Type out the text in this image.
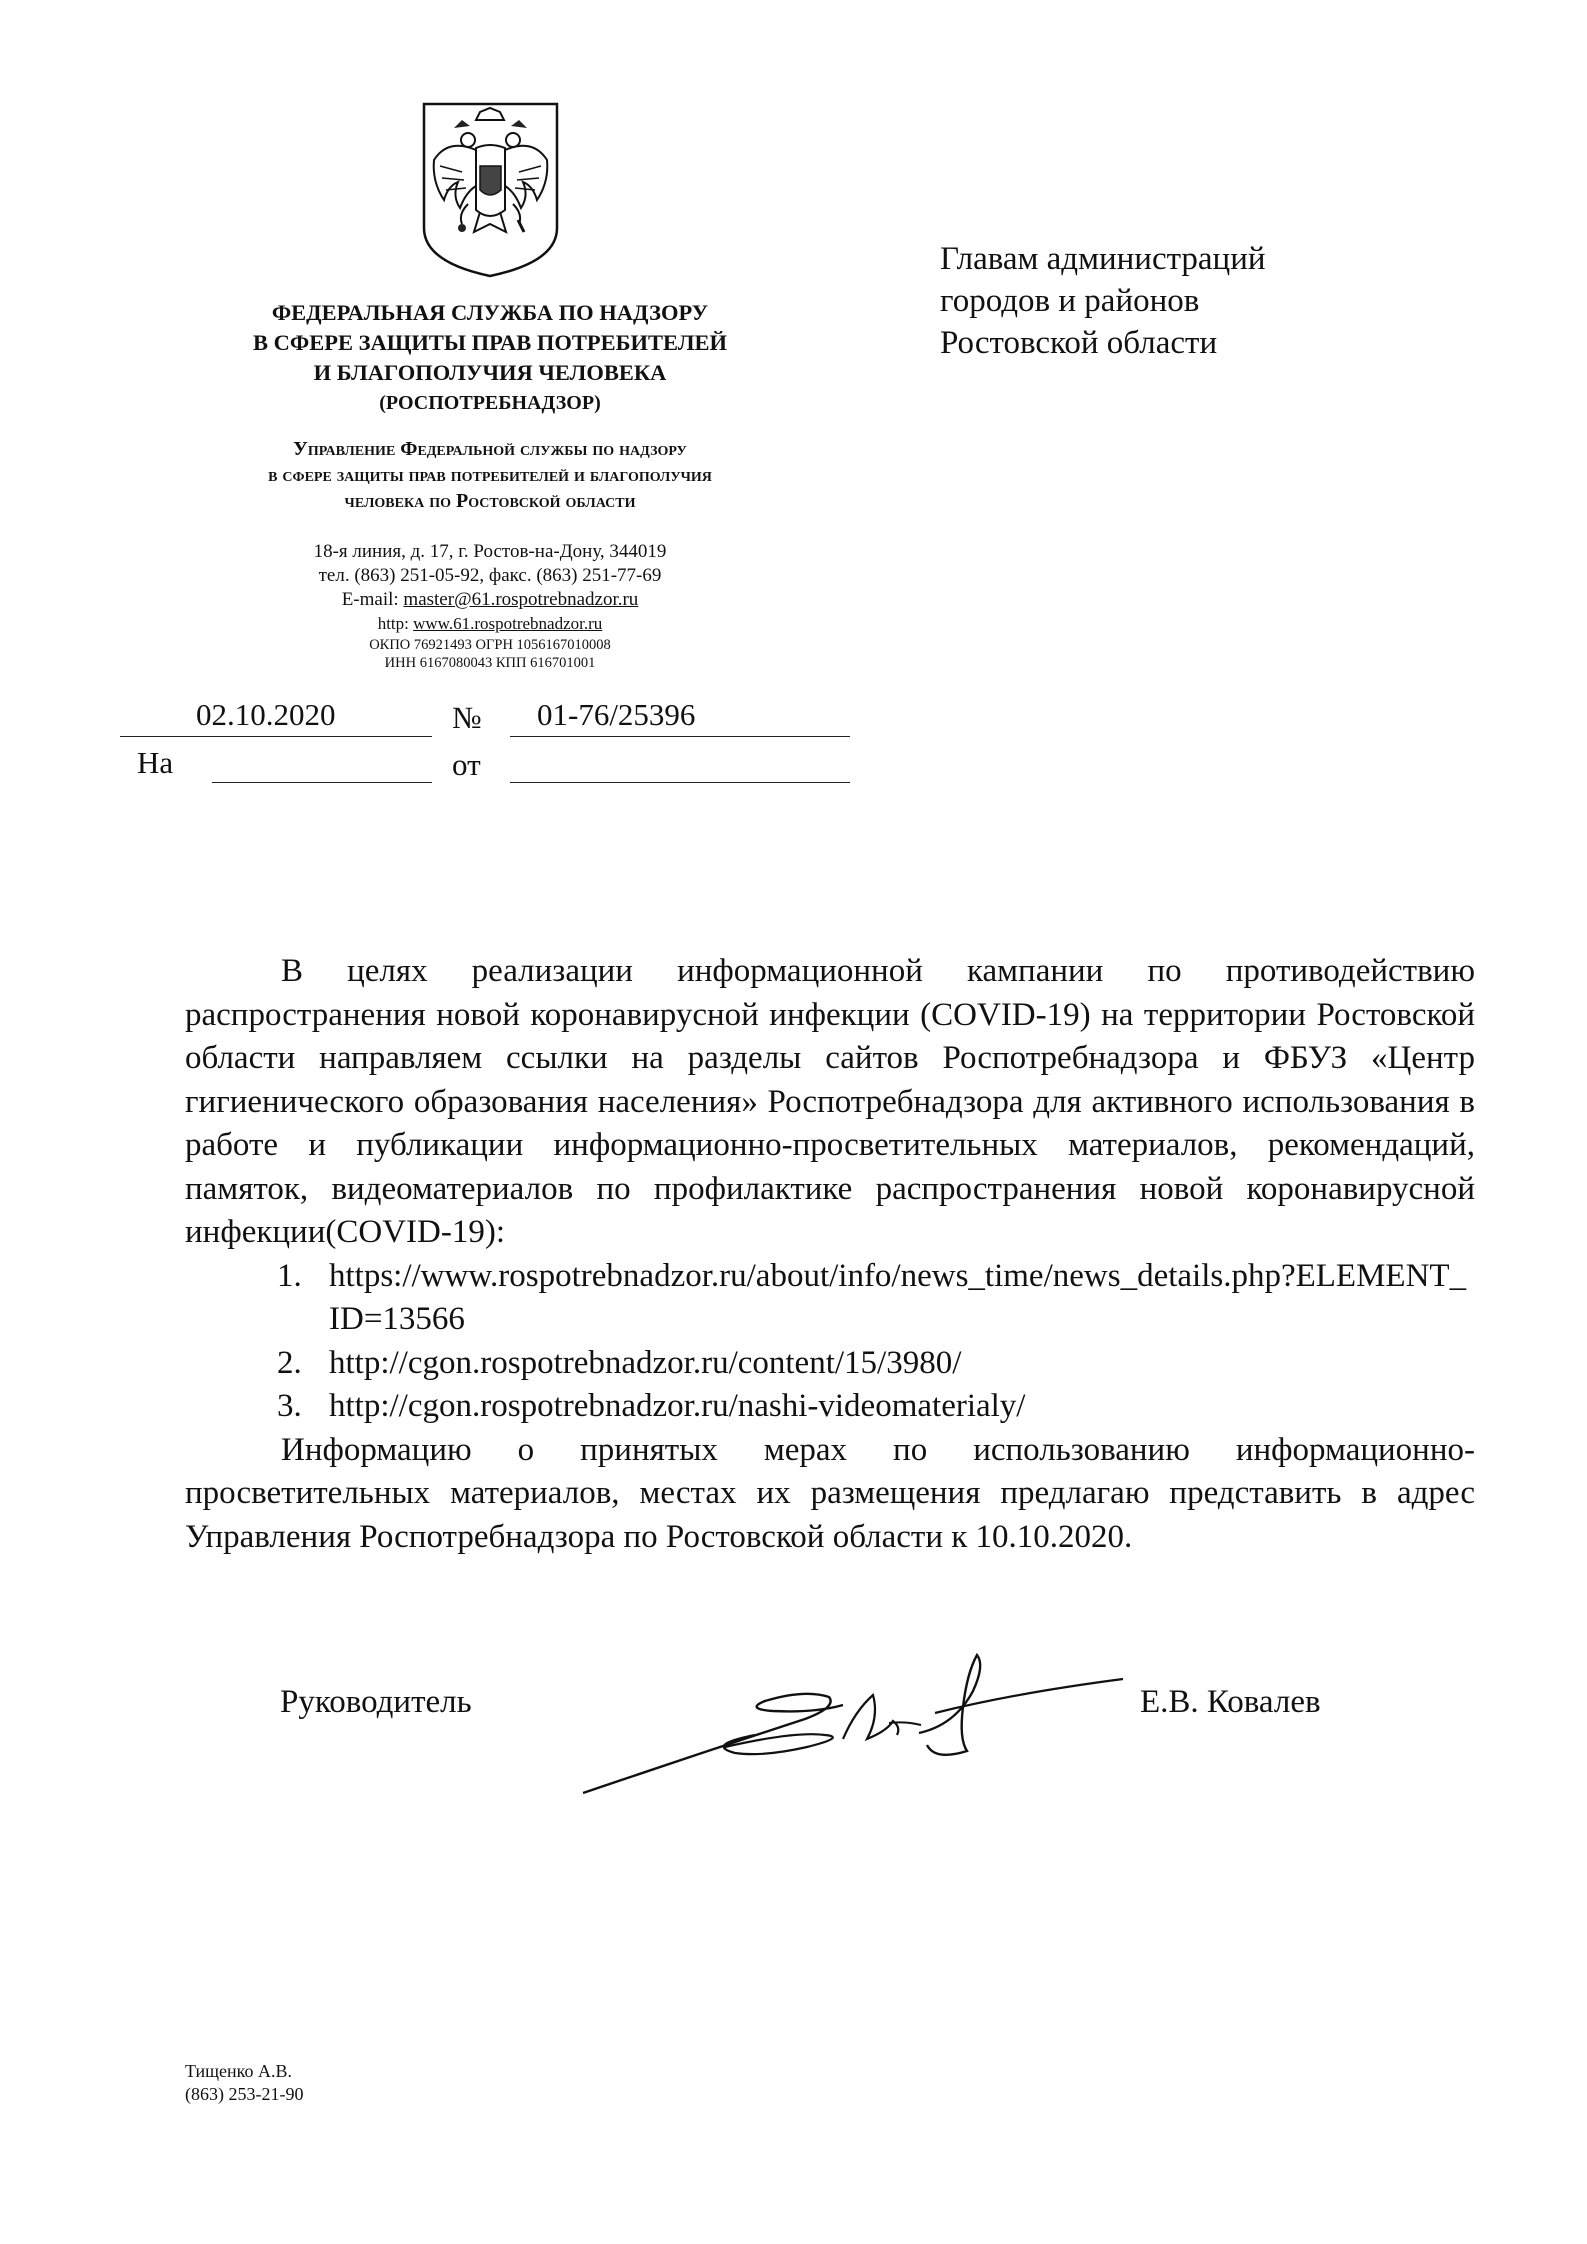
ФЕДЕРАЛЬНАЯ СЛУЖБА ПО НАДЗОРУ
В СФЕРЕ ЗАЩИТЫ ПРАВ ПОТРЕБИТЕЛЕЙ
И БЛАГОПОЛУЧИЯ ЧЕЛОВЕКА
(РОСПОТРЕБНАДЗОР)
Управление Федеральной службы по надзору
в сфере защиты прав потребителей и благополучия
человека по Ростовской области
18-я линия, д. 17, г. Ростов-на-Дону, 344019
тел. (863) 251-05-92, факс. (863) 251-77-69
E-mail: master@61.rospotrebnadzor.ru
http: www.61.rospotrebnadzor.ru
ОКПО 76921493 ОГРН 1056167010008
ИНН 6167080043 КПП 616701001
Главам администраций
городов и районов
Ростовской области
02.10.2020	№ 01-76/25396
На	от

В целях реализации информационной кампании по противодействию распространения новой коронавирусной инфекции (COVID-19) на территории Ростовской области направляем ссылки на разделы сайтов Роспотребнадзора и ФБУЗ «Центр гигиенического образования населения» Роспотребнадзора для активного использования в работе и публикации информационно-просветительных материалов, рекомендаций, памяток, видеоматериалов по профилактике распространения новой коронавирусной инфекции(COVID-19):

1. https://www.rospotrebnadzor.ru/about/info/news_time/news_details.php?ELEMENT_ID=13566
2. http://cgon.rospotrebnadzor.ru/content/15/3980/
3. http://cgon.rospotrebnadzor.ru/nashi-videomaterialy/

Информацию о принятых мерах по использованию информационно-просветительных материалов, местах их размещения предлагаю представить в адрес Управления Роспотребнадзора по Ростовской области к 10.10.2020.

Руководитель	Е.В. Ковалев
Тищенко А.В.
(863) 253-21-90
